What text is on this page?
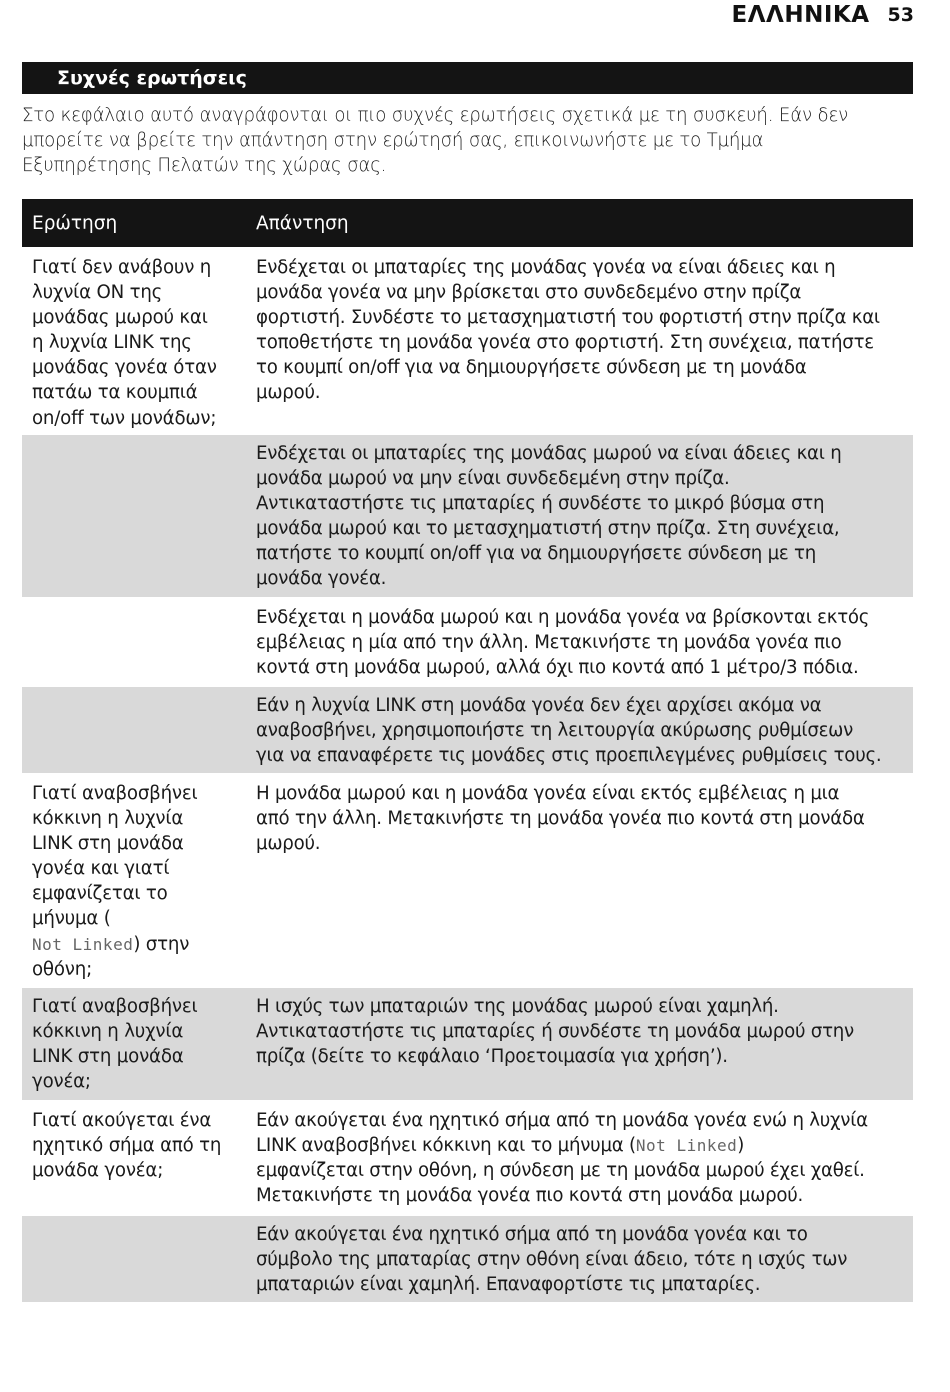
ΕΛΛΗΝΙΚΑ 53
Συχνές ερωτήσεις
Στο κεφάλαιο αυτό αναγράφονται οι πιο συχνές ερωτήσεις σχετικά με τη συσκευή. Εάν δεν
μπορείτε να βρείτε την απάντηση στην ερώτησή σας, επικοινωνήστε με το Τμήμα
Εξυπηρέτησης Πελατών της χώρας σας.
Ερώτηση	Απάντηση
Γιατί δεν ανάβουν η
λυχνία ON της
μονάδας μωρού και
η λυχνία LINK της
μονάδας γονέα όταν
πατάω τα κουμπιά
on/off των μονάδων;
Ενδέχεται οι μπαταρίες της μονάδας γονέα να είναι άδειες και η
μονάδα γονέα να μην βρίσκεται στο συνδεδεμένο στην πρίζα
φορτιστή. Συνδέστε το μετασχηματιστή του φορτιστή στην πρίζα και
τοποθετήστε τη μονάδα γονέα στο φορτιστή. Στη συνέχεια, πατήστε
το κουμπί on/off για να δημιουργήσετε σύνδεση με τη μονάδα
μωρού.
Ενδέχεται οι μπαταρίες της μονάδας μωρού να είναι άδειες και η
μονάδα μωρού να μην είναι συνδεδεμένη στην πρίζα.
Αντικαταστήστε τις μπαταρίες ή συνδέστε το μικρό βύσμα στη
μονάδα μωρού και το μετασχηματιστή στην πρίζα. Στη συνέχεια,
πατήστε το κουμπί on/off για να δημιουργήσετε σύνδεση με τη
μονάδα γονέα.
Ενδέχεται η μονάδα μωρού και η μονάδα γονέα να βρίσκονται εκτός
εμβέλειας η μία από την άλλη. Μετακινήστε τη μονάδα γονέα πιο
κοντά στη μονάδα μωρού, αλλά όχι πιο κοντά από 1 μέτρο/3 πόδια.
Εάν η λυχνία LINK στη μονάδα γονέα δεν έχει αρχίσει ακόμα να
αναβοσβήνει, χρησιμοποιήστε τη λειτουργία ακύρωσης ρυθμίσεων
για να επαναφέρετε τις μονάδες στις προεπιλεγμένες ρυθμίσεις τους.
Γιατί αναβοσβήνει
κόκκινη η λυχνία
LINK στη μονάδα
γονέα και γιατί
εμφανίζεται το
μήνυμα (
Not Linked) στην
οθόνη;
Η μονάδα μωρού και η μονάδα γονέα είναι εκτός εμβέλειας η μια
από την άλλη. Μετακινήστε τη μονάδα γονέα πιο κοντά στη μονάδα
μωρού.
Γιατί αναβοσβήνει
κόκκινη η λυχνία
LINK στη μονάδα
γονέα;
Η ισχύς των μπαταριών της μονάδας μωρού είναι χαμηλή.
Αντικαταστήστε τις μπαταρίες ή συνδέστε τη μονάδα μωρού στην
πρίζα (δείτε το κεφάλαιο ‘Προετοιμασία για χρήση’).
Γιατί ακούγεται ένα
ηχητικό σήμα από τη
μονάδα γονέα;
Εάν ακούγεται ένα ηχητικό σήμα από τη μονάδα γονέα ενώ η λυχνία
LINK αναβοσβήνει κόκκινη και το μήνυμα (Not Linked)
εμφανίζεται στην οθόνη, η σύνδεση με τη μονάδα μωρού έχει χαθεί.
Μετακινήστε τη μονάδα γονέα πιο κοντά στη μονάδα μωρού.
Εάν ακούγεται ένα ηχητικό σήμα από τη μονάδα γονέα και το
σύμβολο της μπαταρίας στην οθόνη είναι άδειο, τότε η ισχύς των
μπαταριών είναι χαμηλή. Επαναφορτίστε τις μπαταρίες.
